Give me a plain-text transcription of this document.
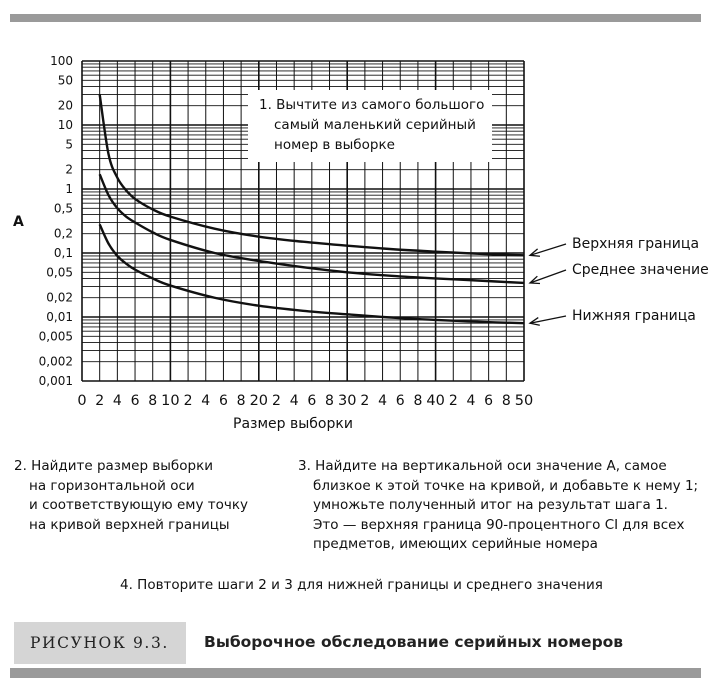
100
50
20
10
5
2
1
0,5
0,2
0,1
0,05
0,02
0,01
0,005
0,002
0,001
0 2 4 6 8 10 2 4 6 8 20 2 4 6 8 30 2 4 6 8 40 2 4 6 8 50
Верхняя граница
Среднее значение
Нижняя граница
A
Размер выборки
1. Вычтите из самого большого
самый маленький серийный
номер в выборке
2. Найдите размер выборки
на горизонтальной оси
и соответствующую ему точку
на кривой верхней границы
3. Найдите на вертикальной оси значение A, самое
близкое к этой точке на кривой, и добавьте к нему 1;
умножьте полученный итог на результат шага 1.
Это — верхняя граница 90-процентного CI для всех
предметов, имеющих серийные номера
4. Повторите шаги 2 и 3 для нижней границы и среднего значения
РИСУНОК 9.3.	Выборочное обследование серийных номеров
